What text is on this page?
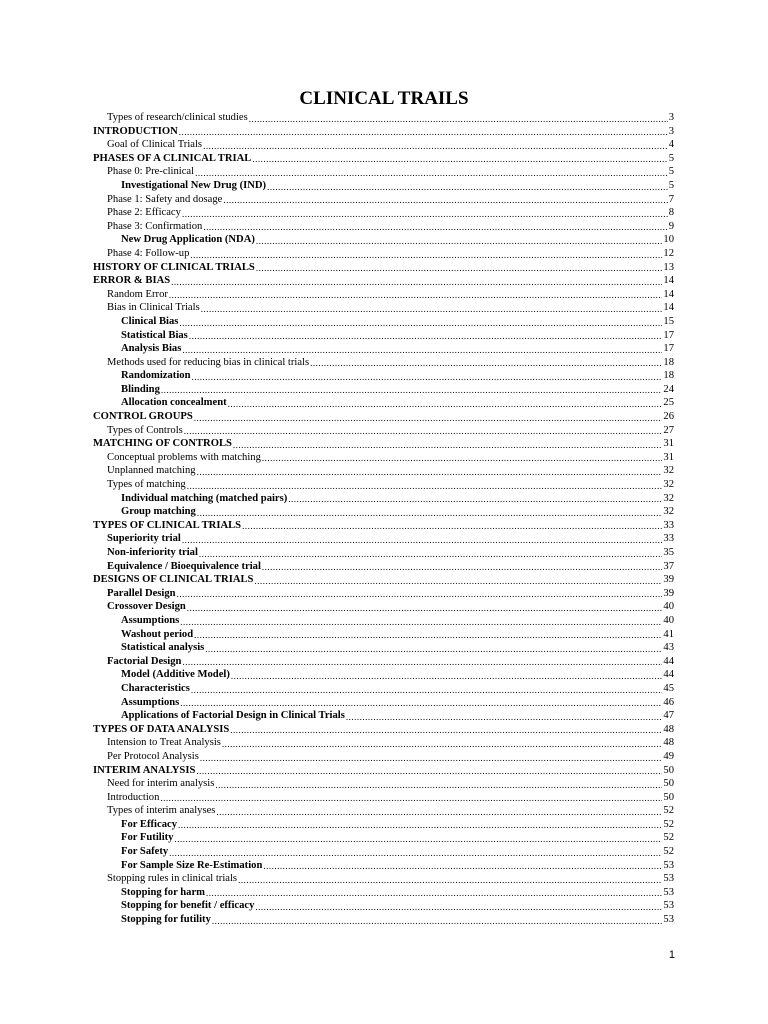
CLINICAL TRAILS
Types of research/clinical studies .....	3
INTRODUCTION .....	3
Goal of Clinical Trials .....	4
PHASES OF A CLINICAL TRIAL .....	5
Phase 0: Pre-clinical .....	5
Investigational New Drug (IND) .....	5
Phase 1: Safety and dosage .....	7
Phase 2: Efficacy .....	8
Phase 3: Confirmation .....	9
New Drug Application (NDA) .....	10
Phase 4: Follow-up .....	12
HISTORY OF CLINICAL TRIALS .....	13
ERROR & BIAS .....	14
Random Error .....	14
Bias in Clinical Trials .....	14
Clinical Bias .....	15
Statistical Bias .....	17
Analysis Bias .....	17
Methods used for reducing bias in clinical trials .....	18
Randomization .....	18
Blinding .....	24
Allocation concealment .....	25
CONTROL GROUPS .....	26
Types of Controls .....	27
MATCHING OF CONTROLS .....	31
Conceptual problems with matching .....	31
Unplanned matching .....	32
Types of matching .....	32
Individual matching (matched pairs) .....	32
Group matching .....	32
TYPES OF CLINICAL TRIALS .....	33
Superiority trial .....	33
Non-inferiority trial .....	35
Equivalence / Bioequivalence trial .....	37
DESIGNS OF CLINICAL TRIALS .....	39
Parallel Design .....	39
Crossover Design .....	40
Assumptions .....	40
Washout period .....	41
Statistical analysis .....	43
Factorial Design .....	44
Model (Additive Model) .....	44
Characteristics .....	45
Assumptions .....	46
Applications of Factorial Design in Clinical Trials .....	47
TYPES OF DATA ANALYSIS .....	48
Intension to Treat Analysis .....	48
Per Protocol Analysis .....	49
INTERIM ANALYSIS .....	50
Need for interim analysis .....	50
Introduction .....	50
Types of interim analyses .....	52
For Efficacy .....	52
For Futility .....	52
For Safety .....	52
For Sample Size Re-Estimation .....	53
Stopping rules in clinical trials .....	53
Stopping for harm .....	53
Stopping for benefit / efficacy .....	53
Stopping for futility .....	53
1
